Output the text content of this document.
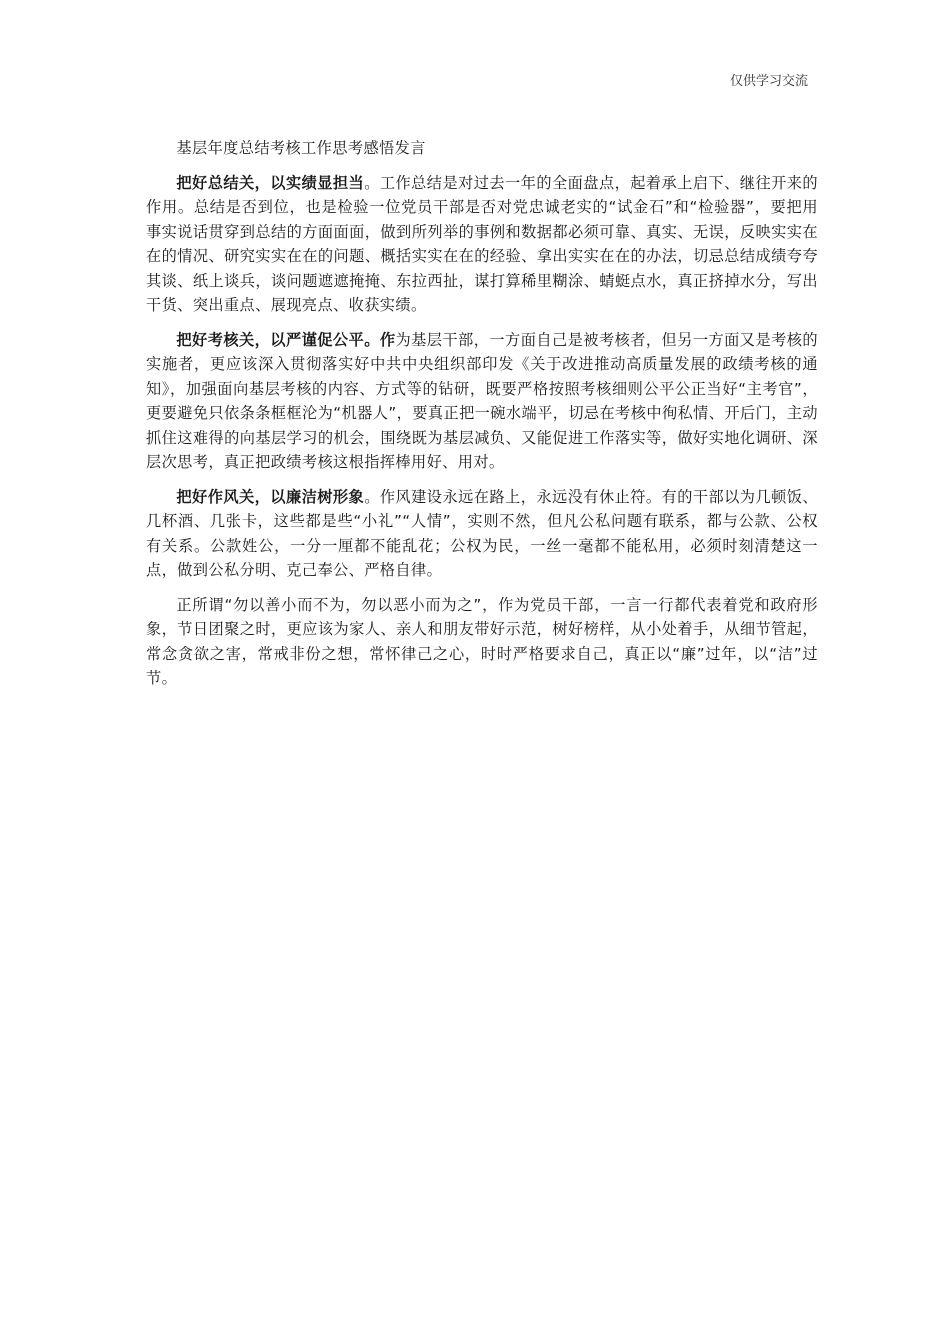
仅供学习交流

基层年度总结考核工作思考感悟发言

把好总结关，以实绩显担当。工作总结是对过去一年的全面盘点，起着承上启下、继往开来的作用。总结是否到位，也是检验一位党员干部是否对党忠诚老实的“试金石”和“检验器”，要把用事实说话贯穿到总结的方面面面，做到所列举的事例和数据都必须可靠、真实、无误，反映实实在在的情况、研究实实在在的问题、概括实实在在的经验、拿出实实在在的办法，切忌总结成绩夸夸其谈、纸上谈兵，谈问题遮遮掩掩、东拉西扯，谋打算稀里糊涂、蜻蜓点水，真正挤掉水分，写出干货、突出重点、展现亮点、收获实绩。

把好考核关，以严谨促公平。作为基层干部，一方面自己是被考核者，但另一方面又是考核的实施者，更应该深入贯彻落实好中共中央组织部印发《关于改进推动高质量发展的政绩考核的通知》，加强面向基层考核的内容、方式等的钻研，既要严格按照考核细则公平公正当好“主考官”，更要避免只依条条框框沦为“机器人”，要真正把一碗水端平，切忌在考核中徇私情、开后门，主动抓住这难得的向基层学习的机会，围绕既为基层减负、又能促进工作落实等，做好实地化调研、深层次思考，真正把政绩考核这根指挥棒用好、用对。

把好作风关，以廉洁树形象。作风建设永远在路上，永远没有休止符。有的干部以为几顿饭、几杯酒、几张卡，这些都是些“小礼”“人情”，实则不然，但凡公私问题有联系，都与公款、公权有关系。公款姓公，一分一厘都不能乱花；公权为民，一丝一毫都不能私用，必须时刻清楚这一点，做到公私分明、克己奉公、严格自律。

正所谓“勿以善小而不为，勿以恶小而为之”，作为党员干部，一言一行都代表着党和政府形象，节日团聚之时，更应该为家人、亲人和朋友带好示范，树好榜样，从小处着手，从细节管起，常念贪欲之害，常戒非份之想，常怀律己之心，时时严格要求自己，真正以“廉”过年，以“洁”过节。
